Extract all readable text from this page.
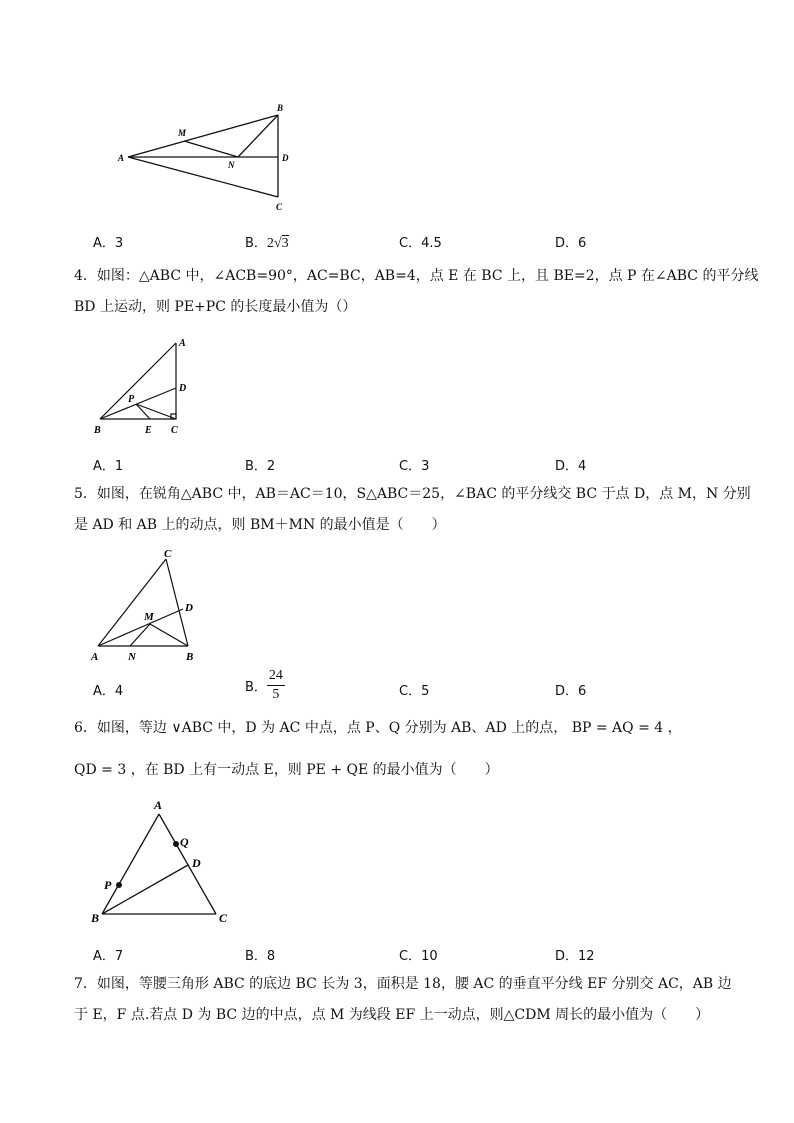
A
B
D
C
M
N
A．3	B．2√3	C．4.5	D．6
4．如图：△ABC 中，∠ACB=90°，AC=BC，AB=4，点 E 在 BC 上，且 BE=2，点 P 在∠ABC 的平分线
BD 上运动，则 PE+PC 的长度最小值为（）
A
D
B	E C
P
A．1	B．2	C．3	D．4
5．如图，在锐角△ABC 中，AB＝AC＝10，S△ABC＝25，∠BAC 的平分线交 BC 于点 D，点 M，N 分别
是 AD 和 AB 上的动点，则 BM＋MN 的最小值是（　　）
C
D
M
A	N	B
A．4	B． $\frac{24}{5}$	C．5	D．6
6．如图，等边 ∨ABC 中，D 为 AC 中点，点 P、Q 分别为 AB、AD 上的点， BP = AQ = 4 ，
QD = 3 ，在 BD 上有一动点 E，则 PE + QE 的最小值为（　　）
A
Q
D
P
B	C
A．7	B．8	C．10	D．12
7．如图，等腰三角形 ABC 的底边 BC 长为 3，面积是 18，腰 AC 的垂直平分线 EF 分别交 AC，AB 边
于 E，F 点.若点 D 为 BC 边的中点，点 M 为线段 EF 上一动点，则△CDM 周长的最小值为（　　）
